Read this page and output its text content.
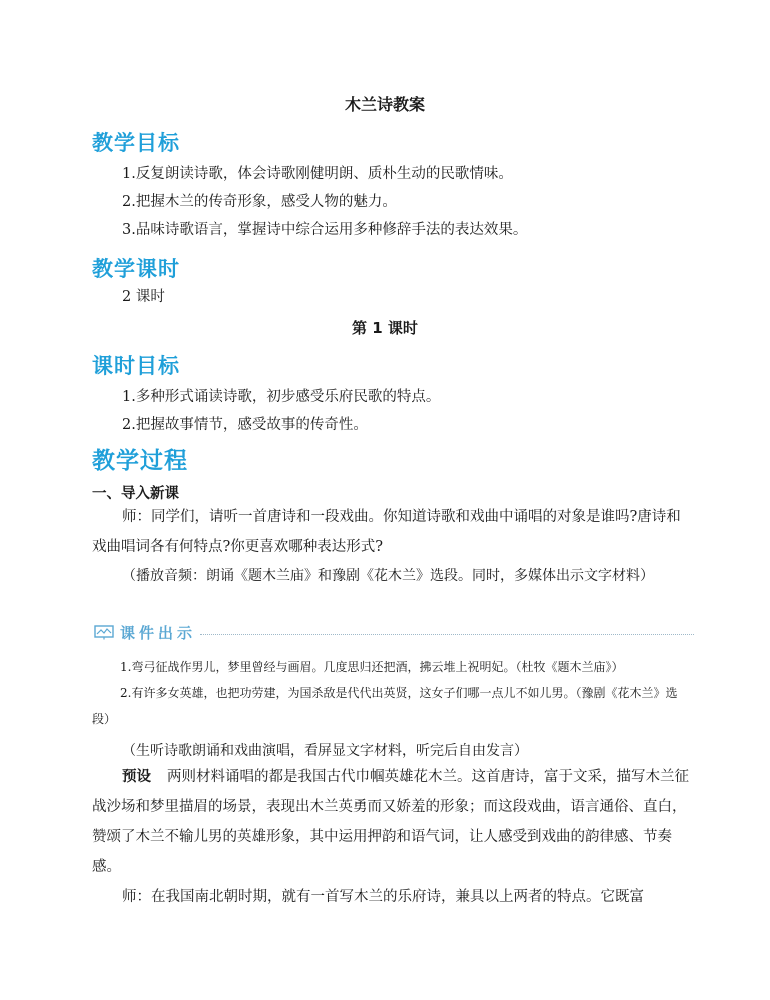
木兰诗教案
教学目标
1.反复朗读诗歌，体会诗歌刚健明朗、质朴生动的民歌情味。
2.把握木兰的传奇形象，感受人物的魅力。
3.品味诗歌语言，掌握诗中综合运用多种修辞手法的表达效果。
教学课时
2 课时
第 1 课时
课时目标
1.多种形式诵读诗歌，初步感受乐府民歌的特点。
2.把握故事情节，感受故事的传奇性。
教学过程
一、导入新课
师：同学们，请听一首唐诗和一段戏曲。你知道诗歌和戏曲中诵唱的对象是谁吗?唐诗和戏曲唱词各有何特点?你更喜欢哪种表达形式?
（播放音频：朗诵《题木兰庙》和豫剧《花木兰》选段。同时，多媒体出示文字材料）
课件出示
1.弯弓征战作男儿，梦里曾经与画眉。几度思归还把酒，拂云堆上祝明妃。（杜牧《题木兰庙》）
2.有许多女英雄，也把功劳建，为国杀敌是代代出英贤，这女子们哪一点儿不如儿男。（豫剧《花木兰》选段）
（生听诗歌朗诵和戏曲演唱，看屏显文字材料，听完后自由发言）
预设 两则材料诵唱的都是我国古代巾帼英雄花木兰。这首唐诗，富于文采，描写木兰征战沙场和梦里描眉的场景，表现出木兰英勇而又娇羞的形象；而这段戏曲，语言通俗、直白，赞颂了木兰不输儿男的英雄形象，其中运用押韵和语气词，让人感受到戏曲的韵律感、节奏感。
师：在我国南北朝时期，就有一首写木兰的乐府诗，兼具以上两者的特点。它既富
